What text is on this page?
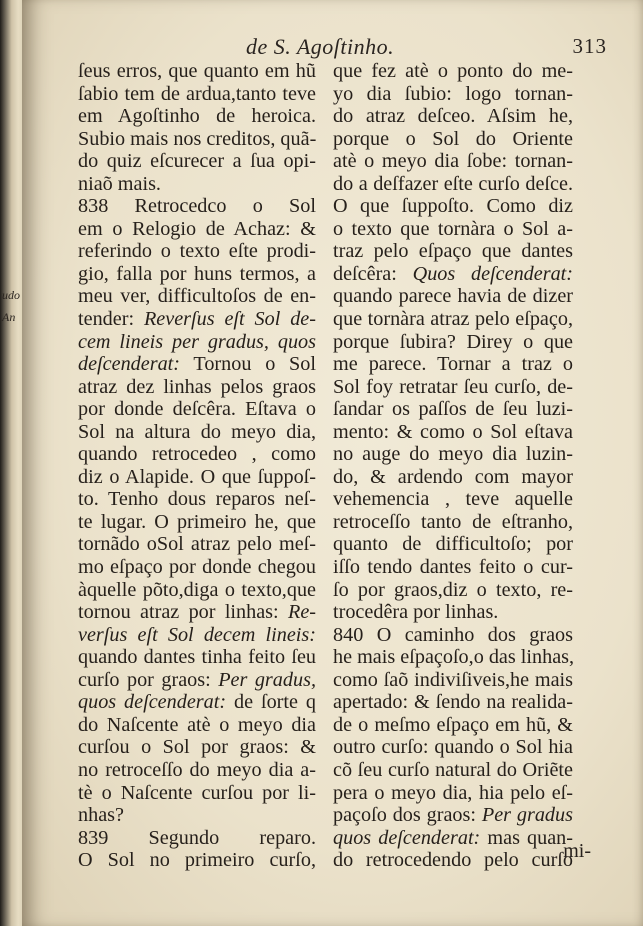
udo
An
de S. Agoſtinho.	313
ſeus erros, que quanto em hũ
ſabio tem de ardua,tanto teve
em Agoſtinho de heroica.
Subio mais nos creditos, quã-
do quiz eſcurecer a ſua opi-
niaõ mais.
838 Retrocedco o Sol
em o Relogio de Achaz: &
referindo o texto eſte prodi-
gio, falla por huns termos, a
meu ver, difficultoſos de en-
tender: Reverſus eſt Sol de-
cem lineis per gradus, quos
deſcenderat: Tornou o Sol
atraz dez linhas pelos graos
por donde deſcêra. Eſtava o
Sol na altura do meyo dia,
quando retrocedeo , como
diz o Alapide. O que ſuppoſ-
to. Tenho dous reparos neſ-
te lugar. O primeiro he, que
tornãdo oSol atraz pelo meſ-
mo eſpaço por donde chegou
àquelle põto,diga o texto,que
tornou atraz por linhas: Re-
verſus eſt Sol decem lineis:
quando dantes tinha feito ſeu
curſo por graos: Per gradus,
quos deſcenderat: de ſorte q
do Naſcente atè o meyo dia
curſou o Sol por graos: &
no retroceſſo do meyo dia a-
tè o Naſcente curſou por li-
nhas?
839 Segundo reparo.
O Sol no primeiro curſo,
que fez atè o ponto do me-
yo dia ſubio: logo tornan-
do atraz deſceo. Aſsim he,
porque o Sol do Oriente
atè o meyo dia ſobe: tornan-
do a deſfazer eſte curſo deſce.
O que ſuppoſto. Como diz
o texto que tornàra o Sol a-
traz pelo eſpaço que dantes
deſcêra: Quos deſcenderat:
quando parece havia de dizer
que tornàra atraz pelo eſpaço,
porque ſubira? Direy o que
me parece. Tornar a traz o
Sol foy retratar ſeu curſo, de-
ſandar os paſſos de ſeu luzi-
mento: & como o Sol eſtava
no auge do meyo dia luzin-
do, & ardendo com mayor
vehemencia , teve aquelle
retroceſſo tanto de eſtranho,
quanto de difficultoſo; por
iſſo tendo dantes feito o cur-
ſo por graos,diz o texto, re-
trocedêra por linhas.
840 O caminho dos graos
he mais eſpaçoſo,o das linhas,
como ſaõ indiviſiveis,he mais
apertado: & ſendo na realida-
de o meſmo eſpaço em hũ, &
outro curſo: quando o Sol hia
cõ ſeu curſo natural do Oriẽte
pera o meyo dia, hia pelo eſ-
paçoſo dos graos: Per gradus
quos deſcenderat: mas quan-
do retrocedendo pelo curſo
mi-
